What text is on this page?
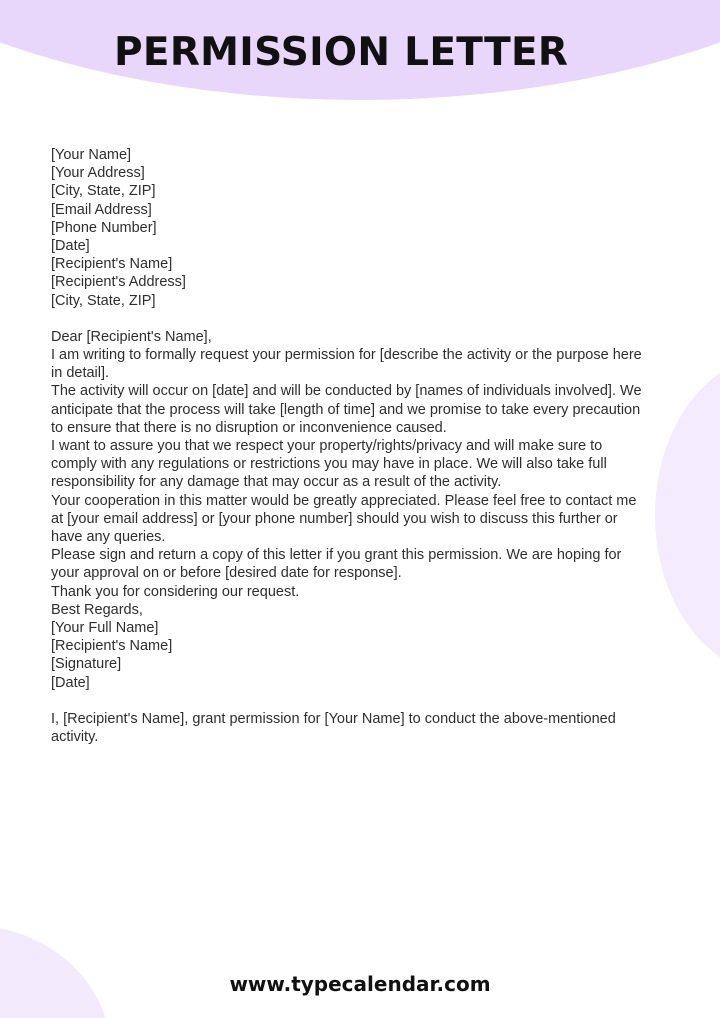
PERMISSION LETTER

[Your Name]

[Your Address]

[City, State, ZIP]

[Email Address]

[Phone Number]

[Date]

[Recipient's Name]

[Recipient's Address]

[City, State, ZIP]

Dear [Recipient's Name],

I am writing to formally request your permission for [describe the activity or the purpose here in detail].

The activity will occur on [date] and will be conducted by [names of individuals involved]. We anticipate that the process will take [length of time] and we promise to take every precaution to ensure that there is no disruption or inconvenience caused.

I want to assure you that we respect your property/rights/privacy and will make sure to comply with any regulations or restrictions you may have in place. We will also take full responsibility for any damage that may occur as a result of the activity.

Your cooperation in this matter would be greatly appreciated. Please feel free to contact me at [your email address] or [your phone number] should you wish to discuss this further or have any queries.

Please sign and return a copy of this letter if you grant this permission. We are hoping for your approval on or before [desired date for response].

Thank you for considering our request.

Best Regards,

[Your Full Name]

[Recipient's Name]

[Signature]

[Date]

I, [Recipient's Name], grant permission for [Your Name] to conduct the above-mentioned activity.

www.typecalendar.com
